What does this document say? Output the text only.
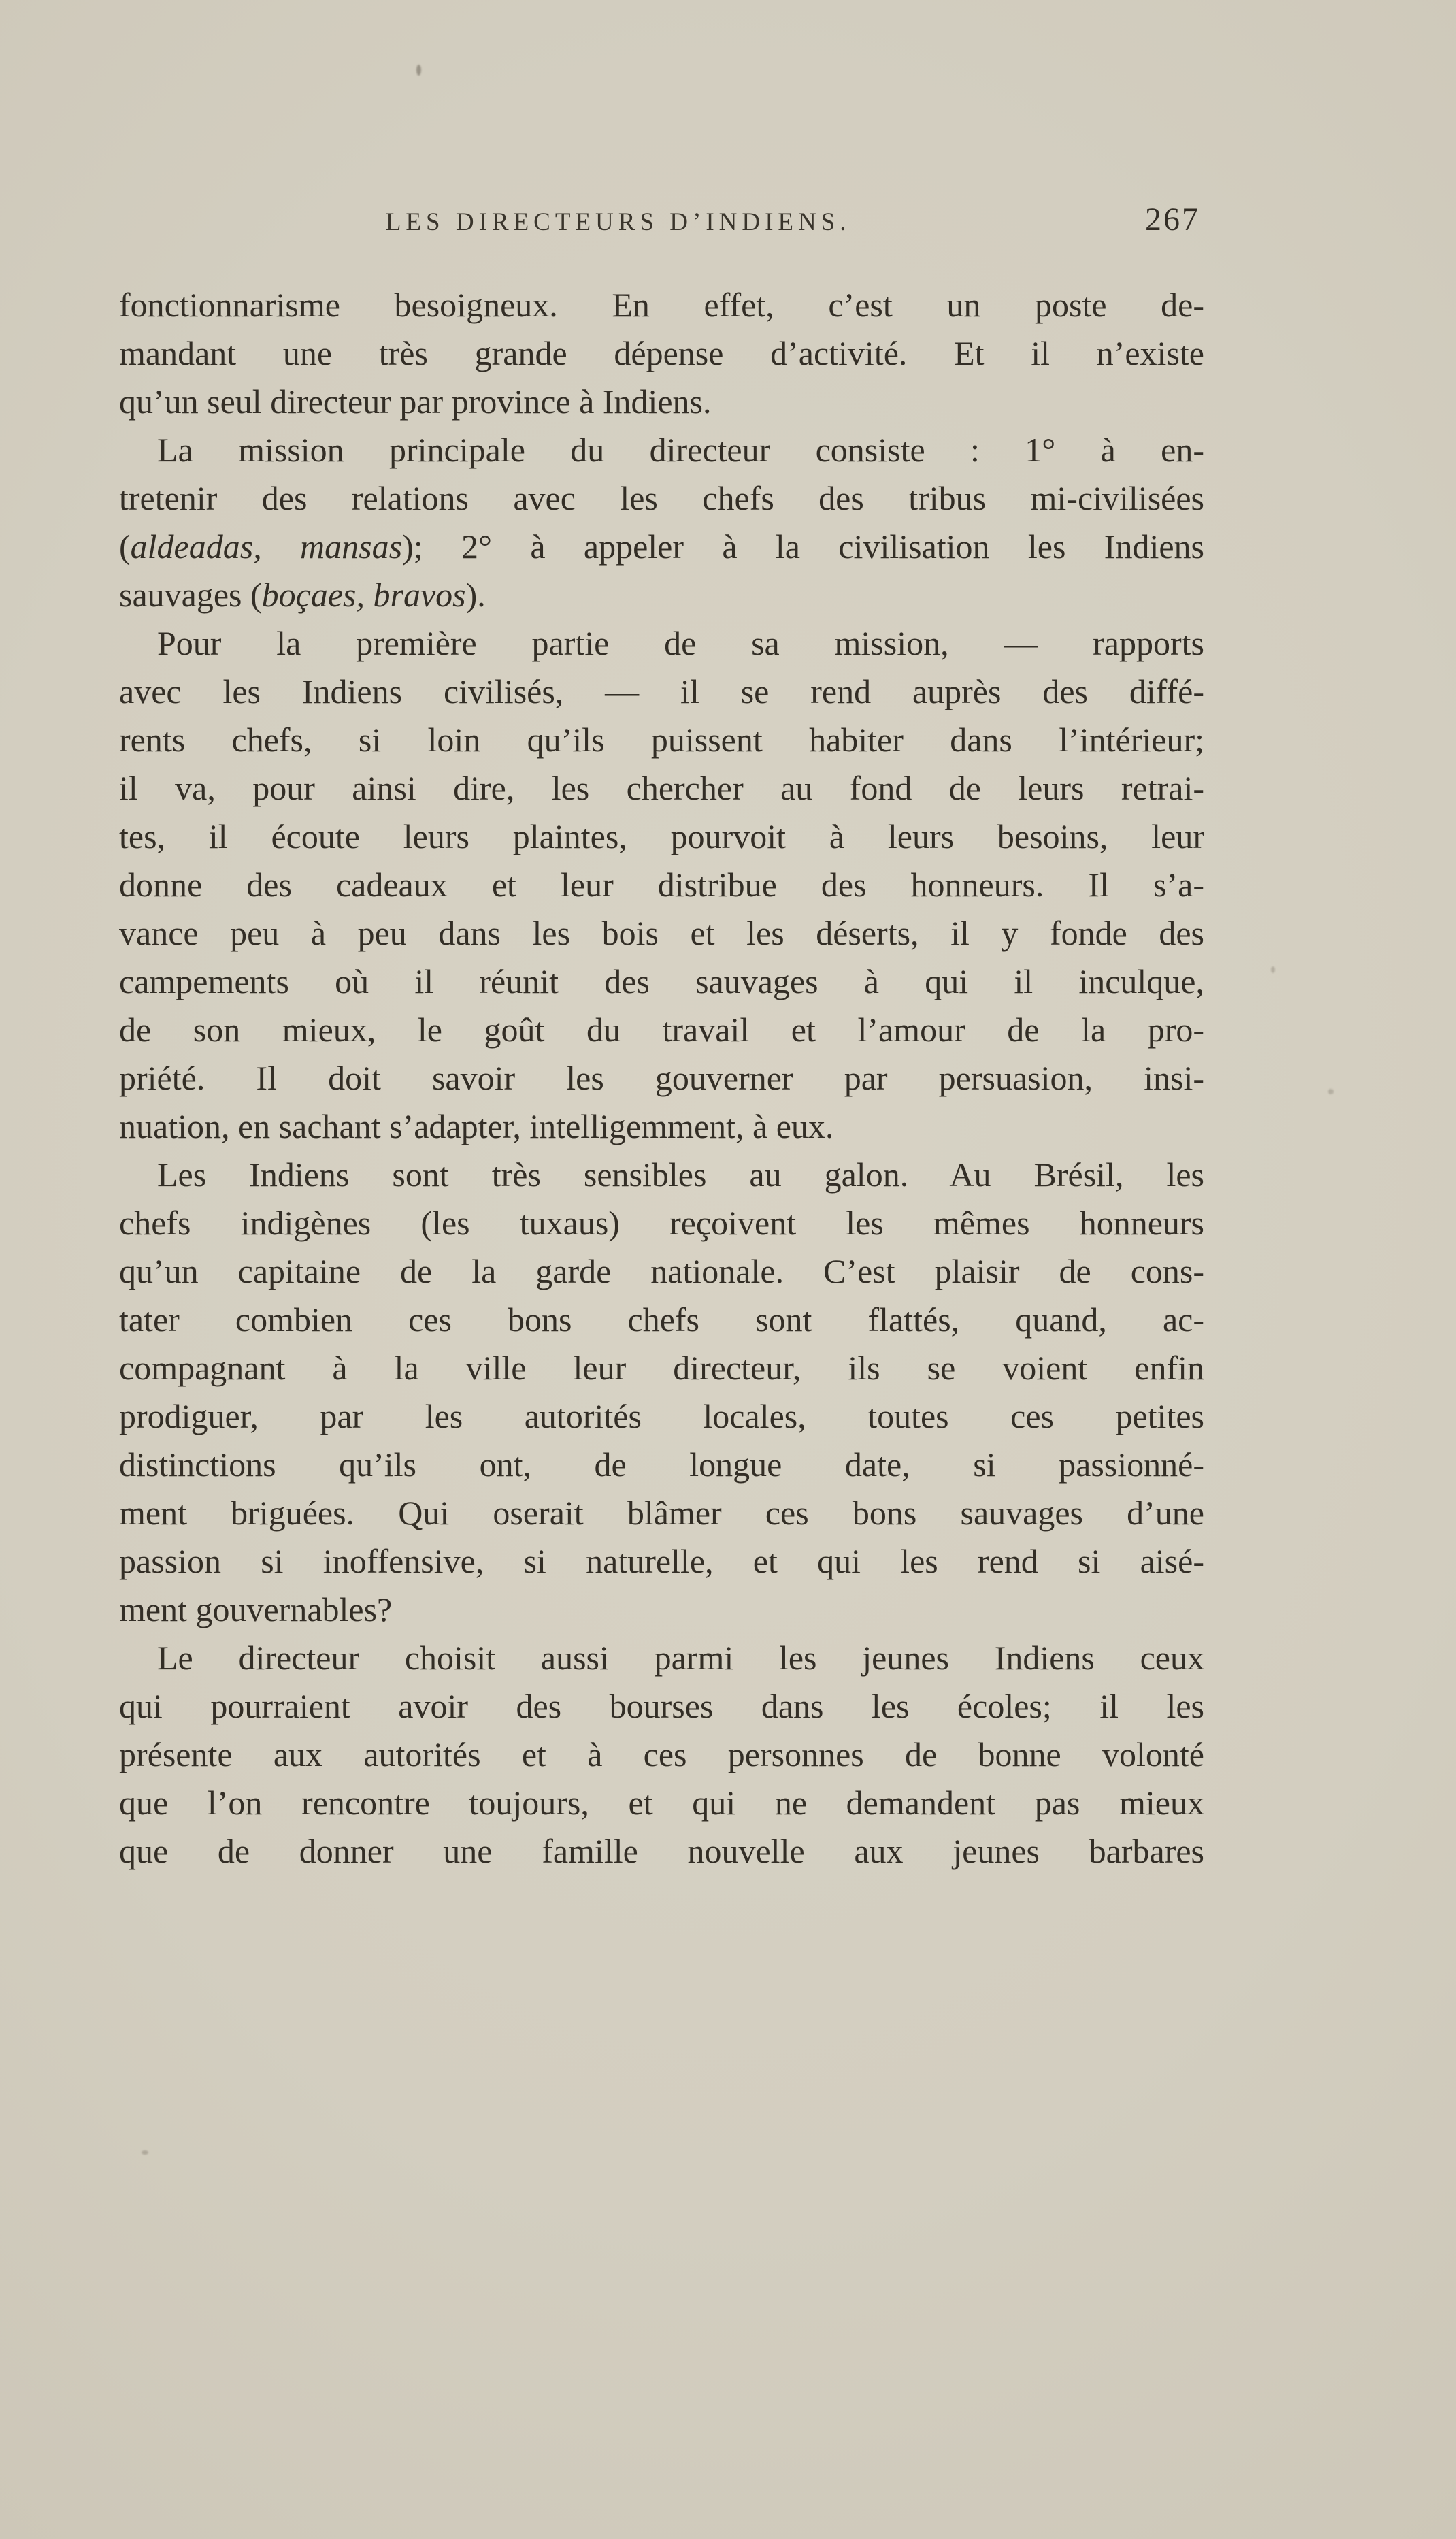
LES DIRECTEURS D’INDIENS.	267
fonctionnarisme besoigneux. En effet, c’est un poste de-
mandant une très grande dépense d’activité. Et il n’existe
qu’un seul directeur par province à Indiens.
La mission principale du directeur consiste : 1° à en-
tretenir des relations avec les chefs des tribus mi-civilisées
(aldeadas, mansas); 2° à appeler à la civilisation les Indiens
sauvages (boçaes, bravos).
Pour la première partie de sa mission, — rapports
avec les Indiens civilisés, — il se rend auprès des diffé-
rents chefs, si loin qu’ils puissent habiter dans l’intérieur;
il va, pour ainsi dire, les chercher au fond de leurs retrai-
tes, il écoute leurs plaintes, pourvoit à leurs besoins, leur
donne des cadeaux et leur distribue des honneurs. Il s’a-
vance peu à peu dans les bois et les déserts, il y fonde des
campements où il réunit des sauvages à qui il inculque,
de son mieux, le goût du travail et l’amour de la pro-
priété. Il doit savoir les gouverner par persuasion, insi-
nuation, en sachant s’adapter, intelligemment, à eux.
Les Indiens sont très sensibles au galon. Au Brésil, les
chefs indigènes (les tuxaus) reçoivent les mêmes honneurs
qu’un capitaine de la garde nationale. C’est plaisir de cons-
tater combien ces bons chefs sont flattés, quand, ac-
compagnant à la ville leur directeur, ils se voient enfin
prodiguer, par les autorités locales, toutes ces petites
distinctions qu’ils ont, de longue date, si passionné-
ment briguées. Qui oserait blâmer ces bons sauvages d’une
passion si inoffensive, si naturelle, et qui les rend si aisé-
ment gouvernables?
Le directeur choisit aussi parmi les jeunes Indiens ceux
qui pourraient avoir des bourses dans les écoles; il les
présente aux autorités et à ces personnes de bonne volonté
que l’on rencontre toujours, et qui ne demandent pas mieux
que de donner une famille nouvelle aux jeunes barbares
